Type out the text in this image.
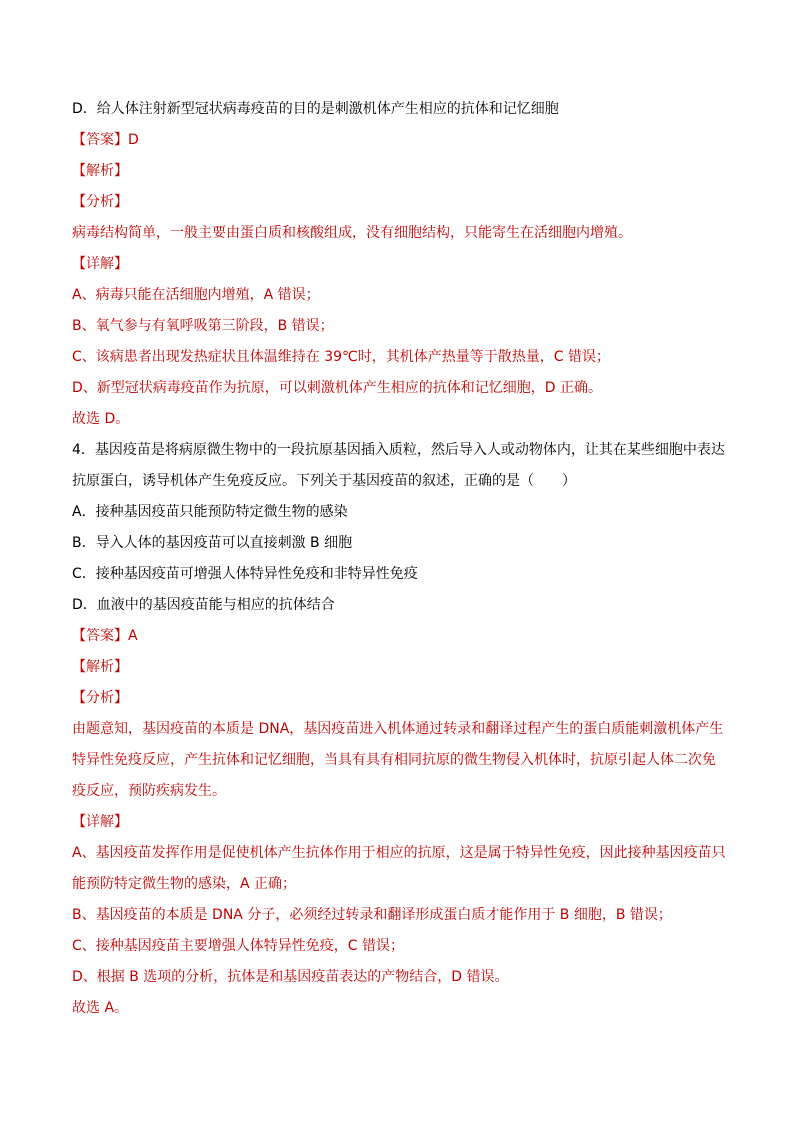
D．给人体注射新型冠状病毒疫苗的目的是刺激机体产生相应的抗体和记忆细胞
【答案】D
【解析】
【分析】
病毒结构简单，一般主要由蛋白质和核酸组成，没有细胞结构，只能寄生在活细胞内增殖。
【详解】
A、病毒只能在活细胞内增殖，A 错误；
B、氧气参与有氧呼吸第三阶段，B 错误；
C、该病患者出现发热症状且体温维持在 39℃时，其机体产热量等于散热量，C 错误；
D、新型冠状病毒疫苗作为抗原，可以刺激机体产生相应的抗体和记忆细胞，D 正确。
故选 D。
4．基因疫苗是将病原微生物中的一段抗原基因插入质粒，然后导入人或动物体内，让其在某些细胞中表达
抗原蛋白，诱导机体产生免疫反应。下列关于基因疫苗的叙述，正确的是（　　）
A．接种基因疫苗只能预防特定微生物的感染
B．导入人体的基因疫苗可以直接刺激 B 细胞
C．接种基因疫苗可增强人体特异性免疫和非特异性免疫
D．血液中的基因疫苗能与相应的抗体结合
【答案】A
【解析】
【分析】
由题意知，基因疫苗的本质是 DNA，基因疫苗进入机体通过转录和翻译过程产生的蛋白质能刺激机体产生
特异性免疫反应，产生抗体和记忆细胞，当具有具有相同抗原的微生物侵入机体时，抗原引起人体二次免
疫反应，预防疾病发生。
【详解】
A、基因疫苗发挥作用是促使机体产生抗体作用于相应的抗原，这是属于特异性免疫，因此接种基因疫苗只
能预防特定微生物的感染，A 正确；
B、基因疫苗的本质是 DNA 分子，必须经过转录和翻译形成蛋白质才能作用于 B 细胞，B 错误；
C、接种基因疫苗主要增强人体特异性免疫，C 错误；
D、根据 B 选项的分析，抗体是和基因疫苗表达的产物结合，D 错误。
故选 A。
